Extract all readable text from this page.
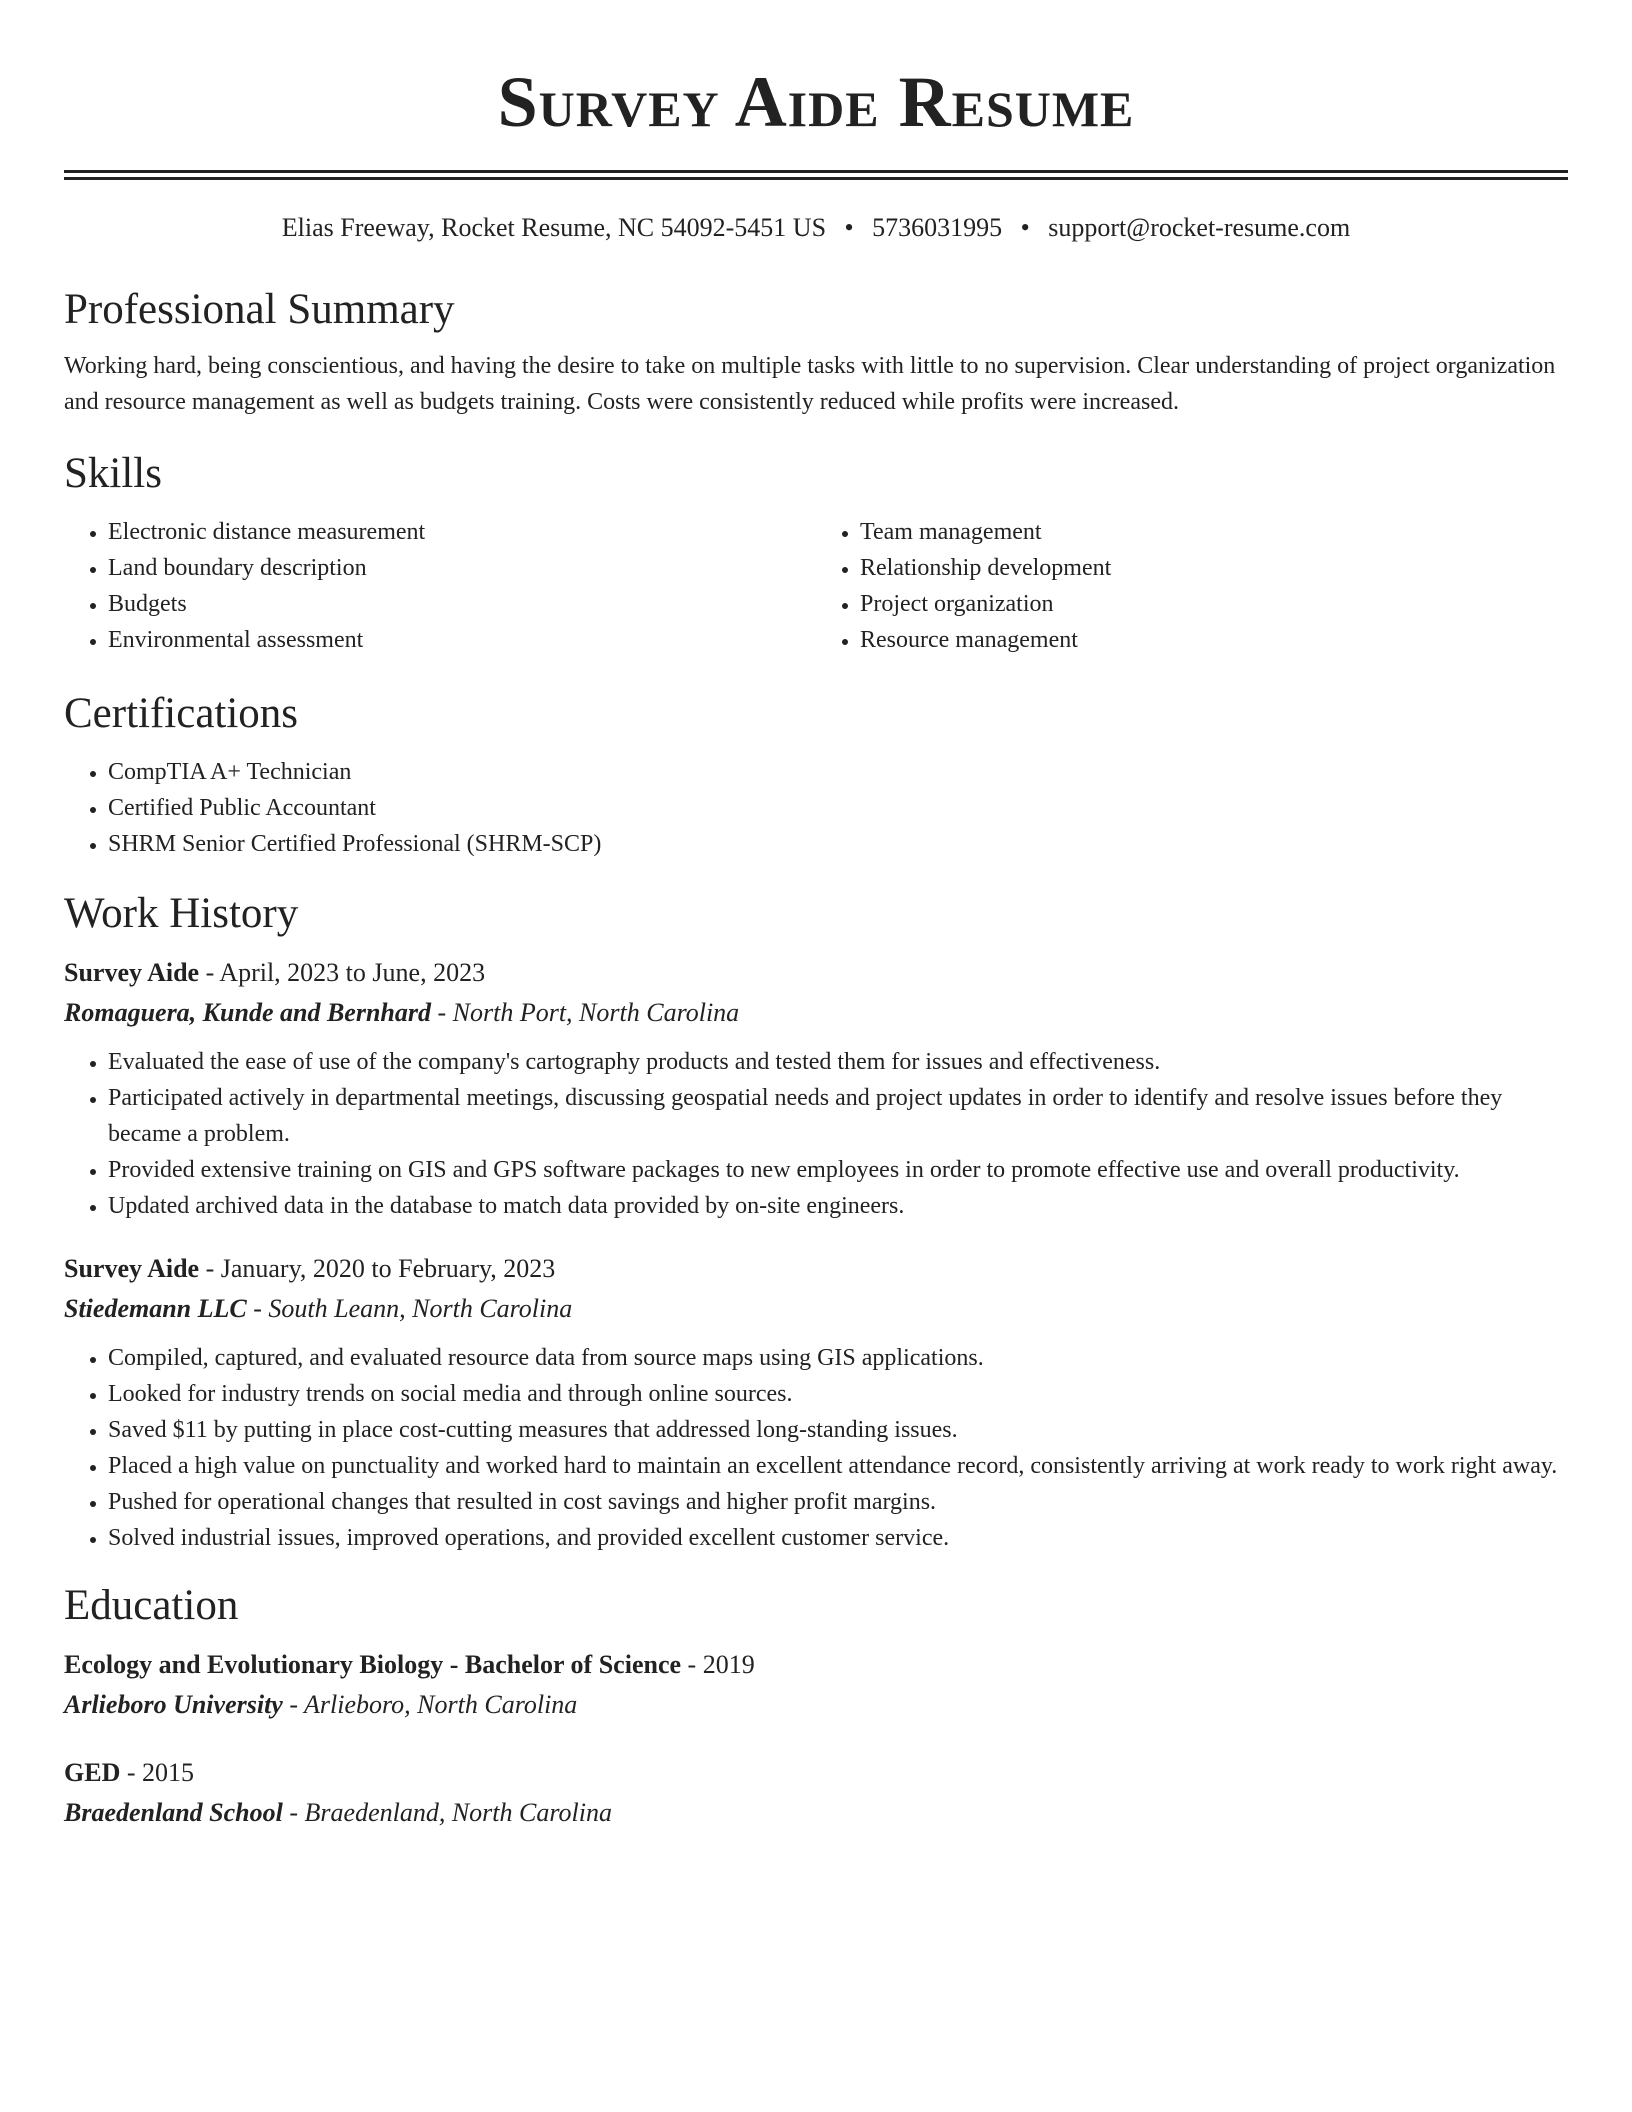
Survey Aide Resume
Elias Freeway, Rocket Resume, NC 54092-5451 US • 5736031995 • support@rocket-resume.com
Professional Summary

Working hard, being conscientious, and having the desire to take on multiple tasks with little to no supervision. Clear understanding of project organization and resource management as well as budgets training. Costs were consistently reduced while profits were increased.

Skills
• Electronic distance measurement
• Land boundary description
• Budgets
• Environmental assessment
• Team management
• Relationship development
• Project organization
• Resource management
Certifications
• CompTIA A+ Technician
• Certified Public Accountant
• SHRM Senior Certified Professional (SHRM-SCP)
Work History

Survey Aide - April, 2023 to June, 2023

Romaguera, Kunde and Bernhard - North Port, North Carolina

• Evaluated the ease of use of the company's cartography products and tested them for issues and effectiveness.
• Participated actively in departmental meetings, discussing geospatial needs and project updates in order to identify and resolve issues before they became a problem.
• Provided extensive training on GIS and GPS software packages to new employees in order to promote effective use and overall productivity.
• Updated archived data in the database to match data provided by on-site engineers.

Survey Aide - January, 2020 to February, 2023

Stiedemann LLC - South Leann, North Carolina

• Compiled, captured, and evaluated resource data from source maps using GIS applications.
• Looked for industry trends on social media and through online sources.
• Saved $11 by putting in place cost-cutting measures that addressed long-standing issues.
• Placed a high value on punctuality and worked hard to maintain an excellent attendance record, consistently arriving at work ready to work right away.
• Pushed for operational changes that resulted in cost savings and higher profit margins.
• Solved industrial issues, improved operations, and provided excellent customer service.
Education

Ecology and Evolutionary Biology - Bachelor of Science - 2019

Arlieboro University - Arlieboro, North Carolina

GED - 2015

Braedenland School - Braedenland, North Carolina
